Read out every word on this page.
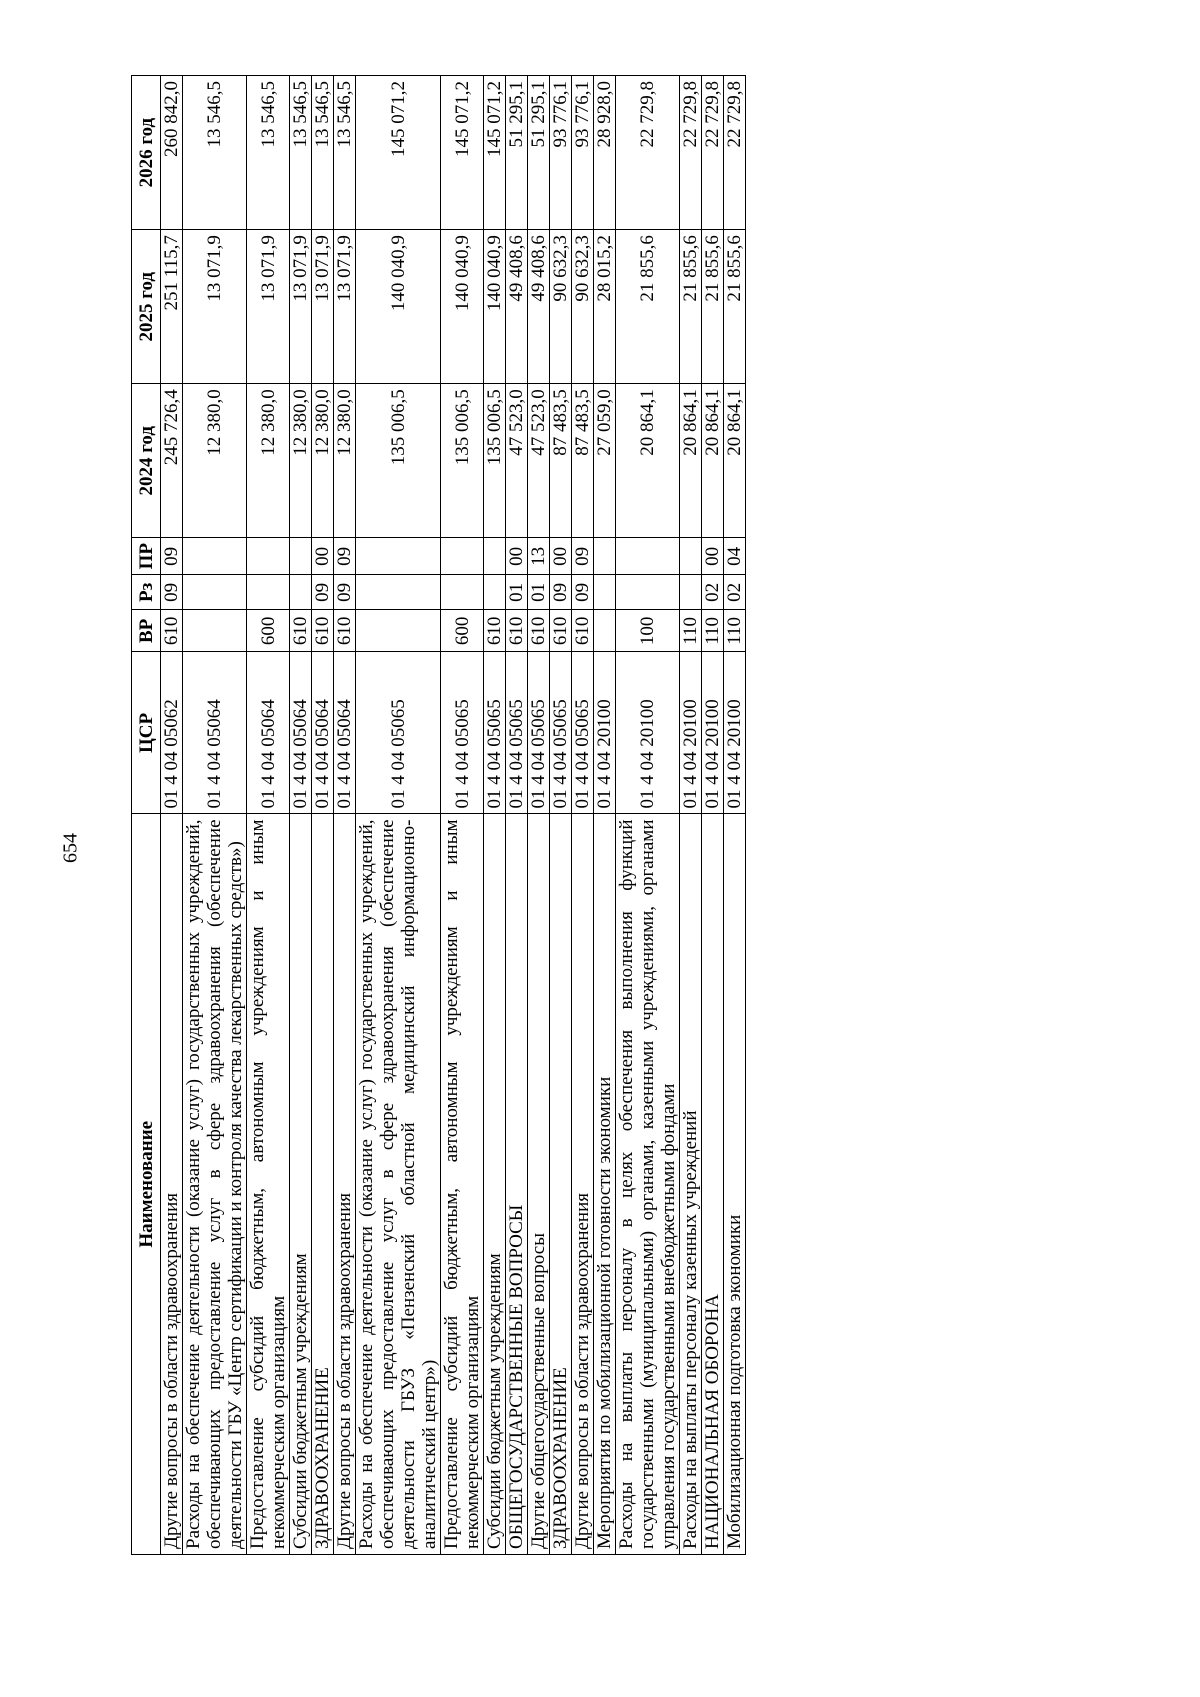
654
Наименование	ЦСР	ВР	Рз	ПР	2024 год	2025 год	2026 год
Другие вопросы в области здравоохранения	01 4 04 05062	610	09	09	245 726,4	251 115,7	260 842,0
Расходы на обеспечение деятельности (оказание услуг) государственных учреждений, обеспечивающих предоставление услуг в сфере здравоохранения (обеспечение деятельности ГБУ «Центр сертификации и контроля качества лекарственных средств»)	01 4 04 05064				12 380,0	13 071,9	13 546,5
Предоставление субсидий бюджетным, автономным учреждениям и иным некоммерческим организациям	01 4 04 05064	600			12 380,0	13 071,9	13 546,5
Субсидии бюджетным учреждениям	01 4 04 05064	610			12 380,0	13 071,9	13 546,5
ЗДРАВООХРАНЕНИЕ	01 4 04 05064	610	09	00	12 380,0	13 071,9	13 546,5
Другие вопросы в области здравоохранения	01 4 04 05064	610	09	09	12 380,0	13 071,9	13 546,5
Расходы на обеспечение деятельности (оказание услуг) государственных учреждений, обеспечивающих предоставление услуг в сфере здравоохранения (обеспечение деятельности ГБУЗ «Пензенский областной медицинский информационно-аналитический центр»)	01 4 04 05065				135 006,5	140 040,9	145 071,2
Предоставление субсидий бюджетным, автономным учреждениям и иным некоммерческим организациям	01 4 04 05065	600			135 006,5	140 040,9	145 071,2
Субсидии бюджетным учреждениям	01 4 04 05065	610			135 006,5	140 040,9	145 071,2
ОБЩЕГОСУДАРСТВЕННЫЕ ВОПРОСЫ	01 4 04 05065	610	01	00	47 523,0	49 408,6	51 295,1
Другие общегосударственные вопросы	01 4 04 05065	610	01	13	47 523,0	49 408,6	51 295,1
ЗДРАВООХРАНЕНИЕ	01 4 04 05065	610	09	00	87 483,5	90 632,3	93 776,1
Другие вопросы в области здравоохранения	01 4 04 05065	610	09	09	87 483,5	90 632,3	93 776,1
Мероприятия по мобилизационной готовности экономики	01 4 04 20100				27 059,0	28 015,2	28 928,0
Расходы на выплаты персоналу в целях обеспечения выполнения функций государственными (муниципальными) органами, казенными учреждениями, органами управления государственными внебюджетными фондами	01 4 04 20100	100			20 864,1	21 855,6	22 729,8
Расходы на выплаты персоналу казенных учреждений	01 4 04 20100	110			20 864,1	21 855,6	22 729,8
НАЦИОНАЛЬНАЯ ОБОРОНА	01 4 04 20100	110	02	00	20 864,1	21 855,6	22 729,8
Мобилизационная подготовка экономики	01 4 04 20100	110	02	04	20 864,1	21 855,6	22 729,8
